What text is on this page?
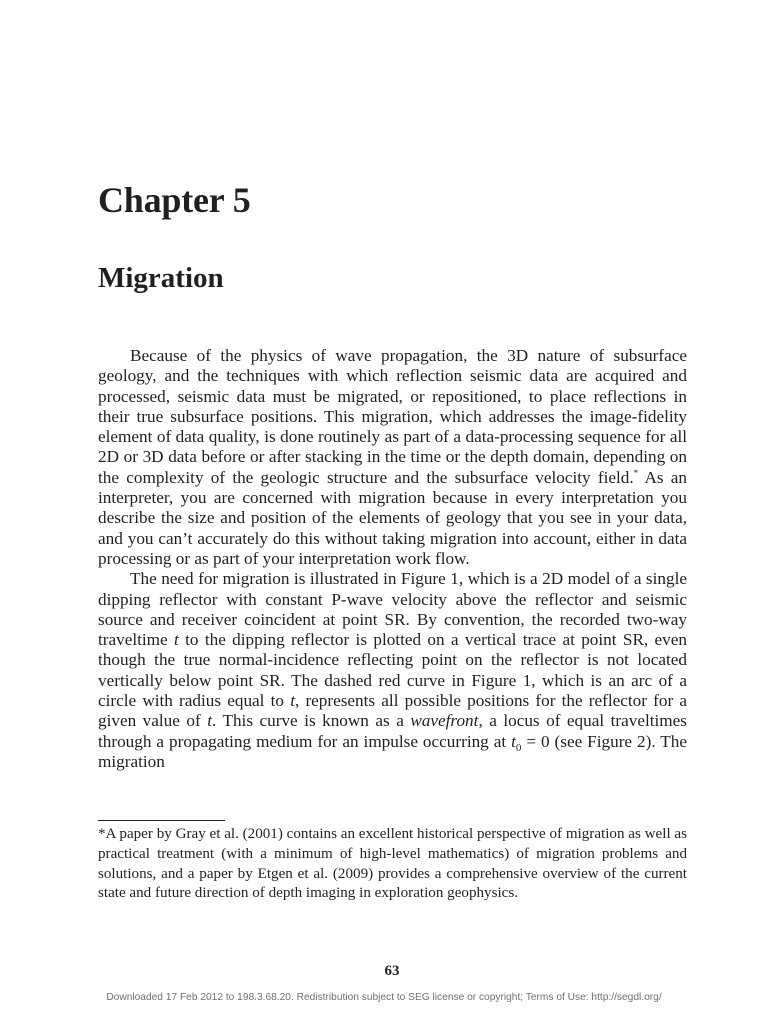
Chapter 5
Migration

Because of the physics of wave propagation, the 3D nature of subsurface geology, and the techniques with which reflection seismic data are acquired and processed, seismic data must be migrated, or repositioned, to place reflections in their true subsurface positions. This migration, which addresses the image-fidelity element of data quality, is done routinely as part of a data-processing sequence for all 2D or 3D data before or after stacking in the time or the depth domain, depending on the complexity of the geologic structure and the subsurface velocity field.* As an interpreter, you are concerned with migration because in every interpretation you describe the size and position of the elements of geology that you see in your data, and you can’t accurately do this without taking migration into account, either in data processing or as part of your interpretation work flow.

The need for migration is illustrated in Figure 1, which is a 2D model of a single dipping reflector with constant P-wave velocity above the reflector and seismic source and receiver coincident at point SR. By convention, the recorded two-way traveltime t to the dipping reflector is plotted on a vertical trace at point SR, even though the true normal-incidence reflecting point on the reflector is not located vertically below point SR. The dashed red curve in Figure 1, which is an arc of a circle with radius equal to t, represents all possible positions for the reflector for a given value of t. This curve is known as a wavefront, a locus of equal traveltimes through a propagating medium for an impulse occurring at $t_0 = 0$ (see Figure 2). The migration

*A paper by Gray et al. (2001) contains an excellent historical perspective of migration as well as practical treatment (with a minimum of high-level mathematics) of migration problems and solutions, and a paper by Etgen et al. (2009) provides a comprehensive overview of the current state and future direction of depth imaging in exploration geophysics.

63
Downloaded 17 Feb 2012 to 198.3.68.20. Redistribution subject to SEG license or copyright; Terms of Use: http://segdl.org/
